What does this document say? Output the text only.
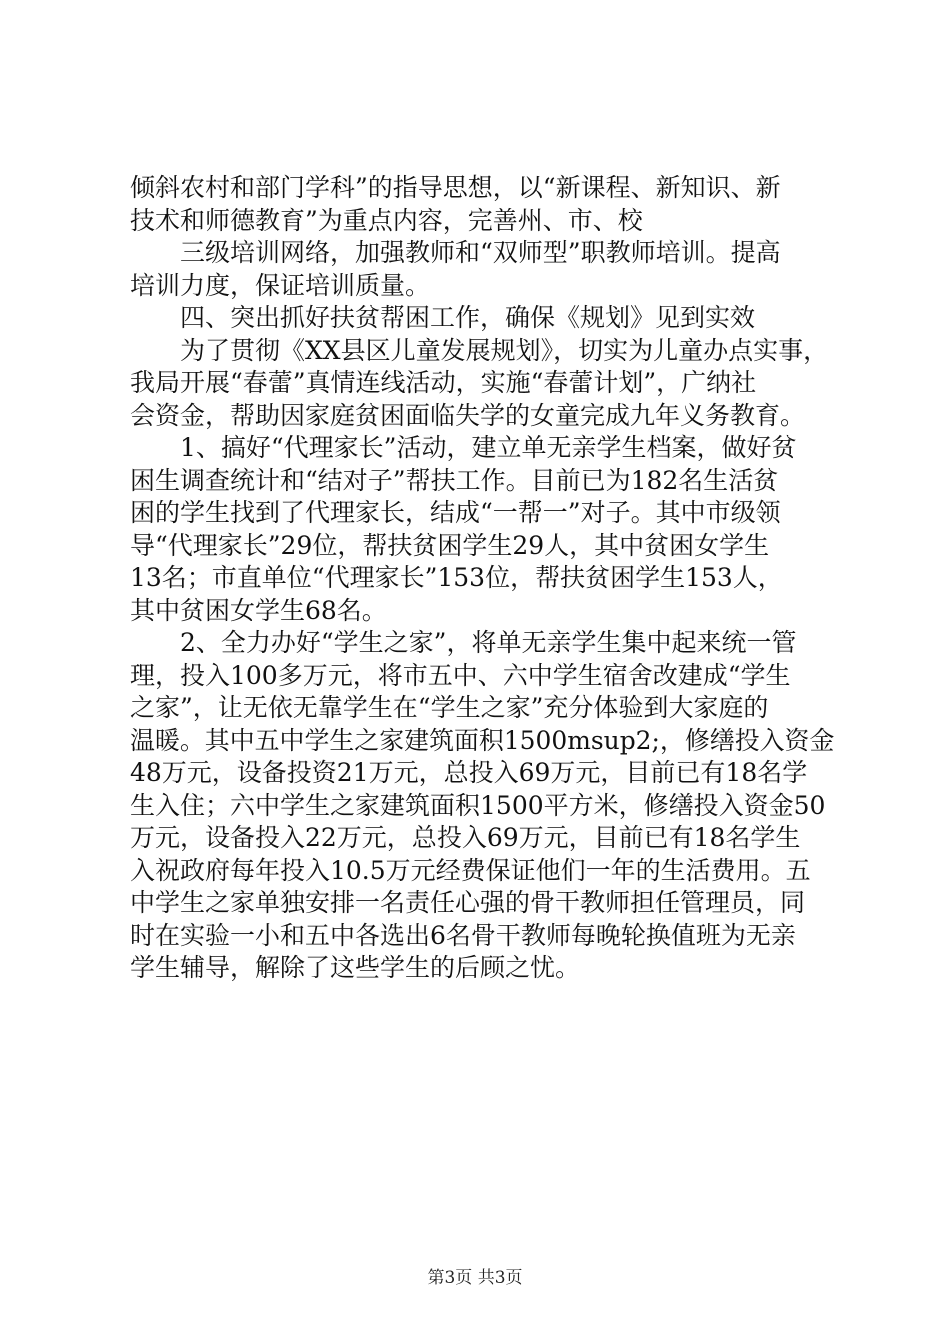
倾斜农村和部门学科”的指导思想，以“新课程、新知识、新
技术和师德教育”为重点内容，完善州、市、校
三级培训网络，加强教师和“双师型”职教师培训。提高
培训力度，保证培训质量。
四、突出抓好扶贫帮困工作，确保《规划》见到实效
为了贯彻《XX县区儿童发展规划》，切实为儿童办点实事，
我局开展“春蕾”真情连线活动，实施“春蕾计划”，广纳社
会资金，帮助因家庭贫困面临失学的女童完成九年义务教育。
1、搞好“代理家长”活动，建立单无亲学生档案，做好贫
困生调查统计和“结对子”帮扶工作。目前已为182名生活贫
困的学生找到了代理家长，结成“一帮一”对子。其中市级领
导“代理家长”29位，帮扶贫困学生29人，其中贫困女学生
13名；市直单位“代理家长”153位，帮扶贫困学生153人，
其中贫困女学生68名。
2、全力办好“学生之家”，将单无亲学生集中起来统一管
理，投入100多万元，将市五中、六中学生宿舍改建成“学生
之家”，让无依无靠学生在“学生之家”充分体验到大家庭的
温暖。其中五中学生之家建筑面积1500msup2;，修缮投入资金
48万元，设备投资21万元，总投入69万元，目前已有18名学
生入住；六中学生之家建筑面积1500平方米，修缮投入资金50
万元，设备投入22万元，总投入69万元，目前已有18名学生
入祝政府每年投入10.5万元经费保证他们一年的生活费用。五
中学生之家单独安排一名责任心强的骨干教师担任管理员，同
时在实验一小和五中各选出6名骨干教师每晚轮换值班为无亲
学生辅导，解除了这些学生的后顾之忧。
第3页 共3页
